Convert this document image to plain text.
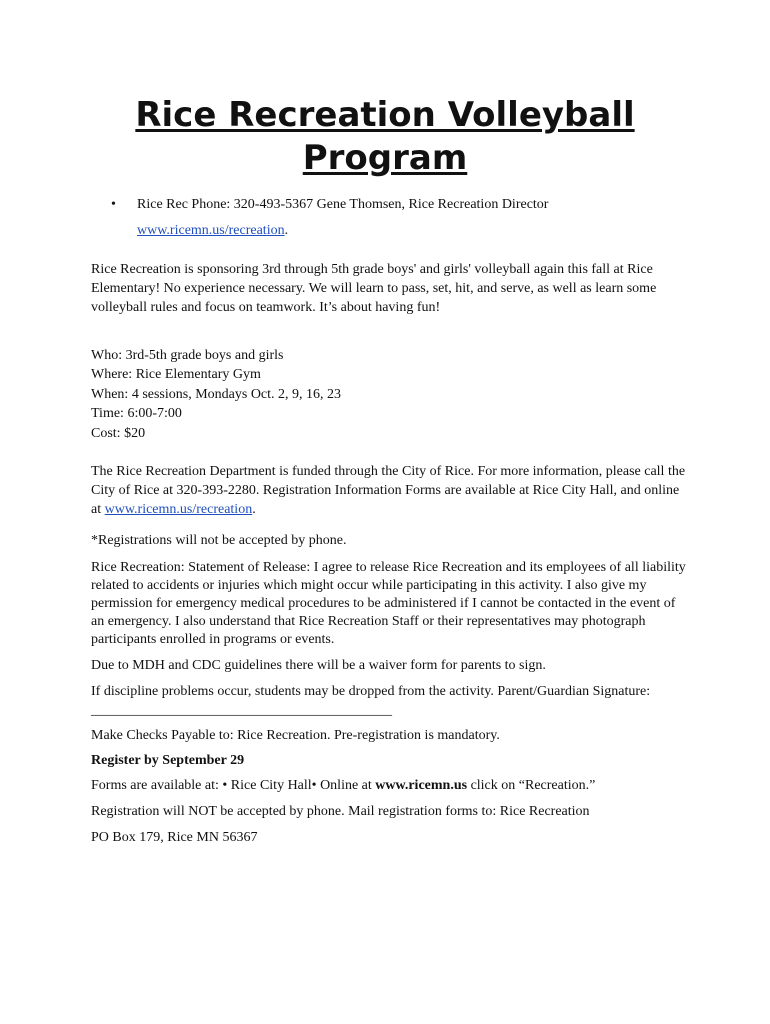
Rice Recreation Volleyball
Program
• Rice Rec Phone: 320-493-5367 Gene Thomsen, Rice Recreation Director
www.ricemn.us/recreation.
Rice Recreation is sponsoring 3rd through 5th grade boys' and girls' volleyball again this fall at Rice Elementary! No experience necessary. We will learn to pass, set, hit, and serve, as well as learn some volleyball rules and focus on teamwork. It’s about having fun!
Who: 3rd-5th grade boys and girls
Where: Rice Elementary Gym
When: 4 sessions, Mondays Oct. 2, 9, 16, 23
Time: 6:00-7:00
Cost: $20
The Rice Recreation Department is funded through the City of Rice. For more information, please call the City of Rice at 320-393-2280. Registration Information Forms are available at Rice City Hall, and online at www.ricemn.us/recreation.
*Registrations will not be accepted by phone.
Rice Recreation: Statement of Release: I agree to release Rice Recreation and its employees of all liability related to accidents or injuries which might occur while participating in this activity. I also give my permission for emergency medical procedures to be administered if I cannot be contacted in the event of an emergency. I also understand that Rice Recreation Staff or their representatives may photograph participants enrolled in programs or events.
Due to MDH and CDC guidelines there will be a waiver form for parents to sign.
If discipline problems occur, students may be dropped from the activity. Parent/Guardian Signature: ___________________________________________
Make Checks Payable to: Rice Recreation. Pre-registration is mandatory.
Register by September 29
Forms are available at: • Rice City Hall• Online at www.ricemn.us click on “Recreation.”
Registration will NOT be accepted by phone. Mail registration forms to: Rice Recreation
PO Box 179, Rice MN 56367
